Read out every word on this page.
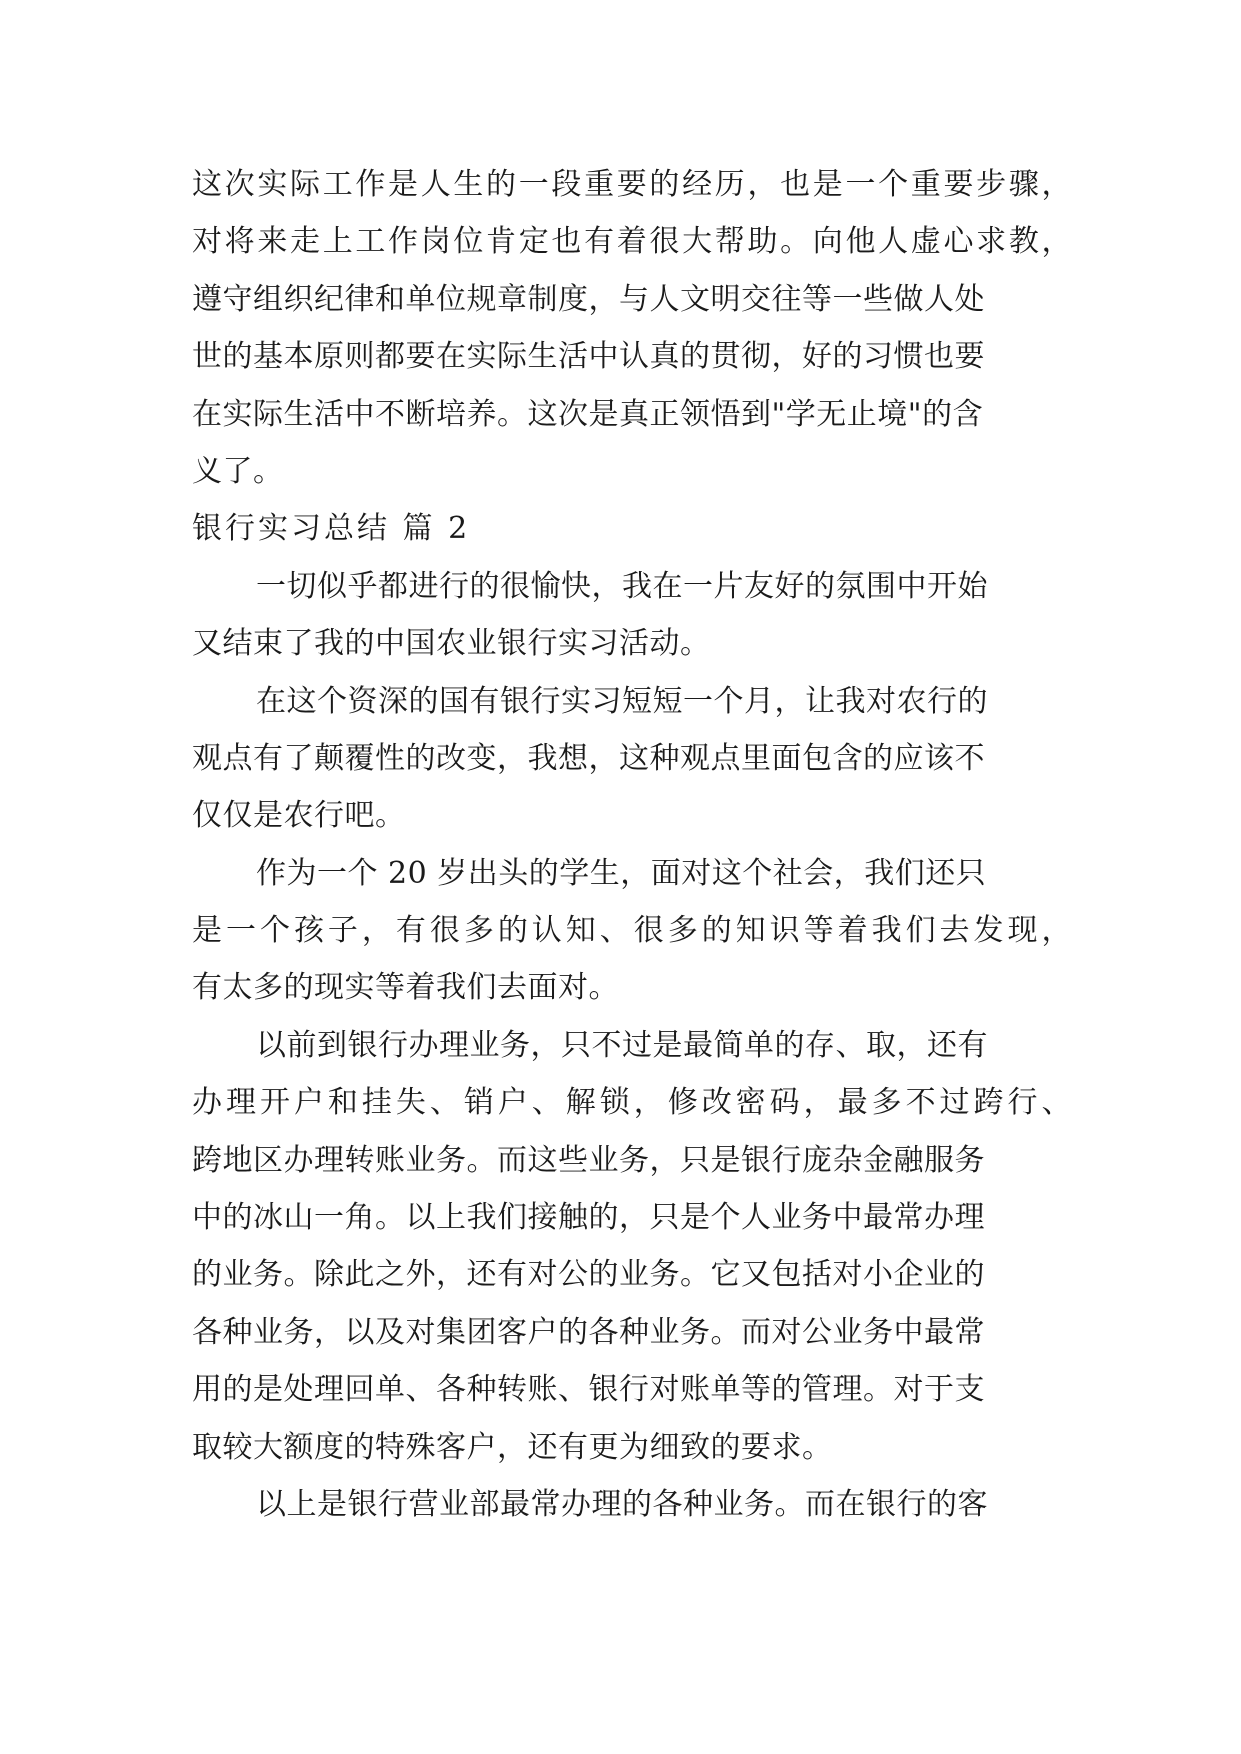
这次实际工作是人生的一段重要的经历，也是一个重要步骤，
对将来走上工作岗位肯定也有着很大帮助。向他人虚心求教，
遵守组织纪律和单位规章制度，与人文明交往等一些做人处
世的基本原则都要在实际生活中认真的贯彻，好的习惯也要
在实际生活中不断培养。这次是真正领悟到"学无止境"的含
义了。
银行实习总结 篇 2
一切似乎都进行的很愉快，我在一片友好的氛围中开始
又结束了我的中国农业银行实习活动。
在这个资深的国有银行实习短短一个月，让我对农行的
观点有了颠覆性的改变，我想，这种观点里面包含的应该不
仅仅是农行吧。
作为一个 20 岁出头的学生，面对这个社会，我们还只
是一个孩子，有很多的认知、很多的知识等着我们去发现，
有太多的现实等着我们去面对。
以前到银行办理业务，只不过是最简单的存、取，还有
办理开户和挂失、销户、解锁，修改密码，最多不过跨行、
跨地区办理转账业务。而这些业务，只是银行庞杂金融服务
中的冰山一角。以上我们接触的，只是个人业务中最常办理
的业务。除此之外，还有对公的业务。它又包括对小企业的
各种业务，以及对集团客户的各种业务。而对公业务中最常
用的是处理回单、各种转账、银行对账单等的管理。对于支
取较大额度的特殊客户，还有更为细致的要求。
以上是银行营业部最常办理的各种业务。而在银行的客
